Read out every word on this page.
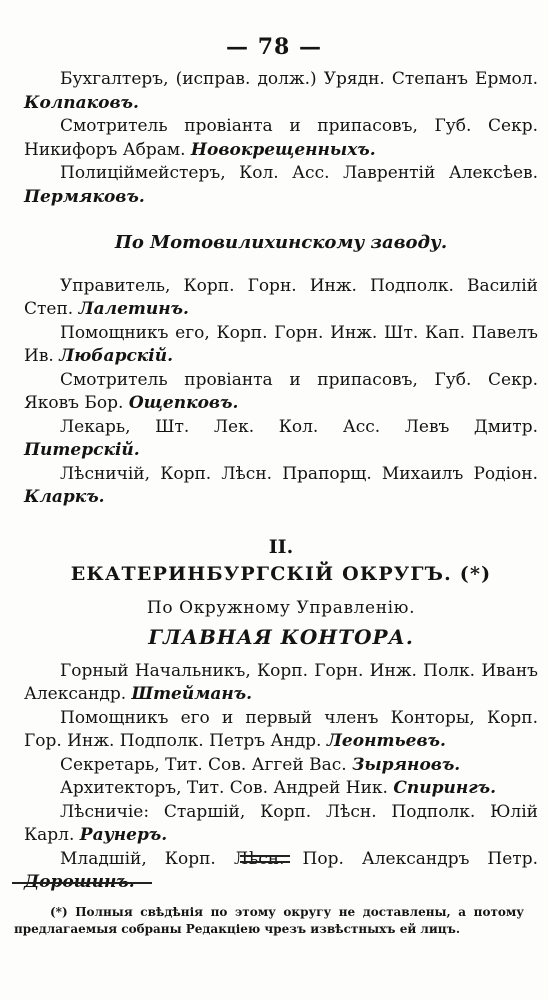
— 78 —

Бухгалтеръ, (исправ. долж.) Урядн. Степанъ Ермол. Колпаковъ.

Смотритель провіанта и припасовъ, Губ. Секр. Никифоръ Абрам. Новокрещенныхъ.

Полиціймейстеръ, Кол. Асс. Лаврентій Алексѣев. Пермяковъ.

По Мотовилихинскому заводу.

Управитель, Корп. Горн. Инж. Подполк. Василій Степ. Лалетинъ.

Помощникъ его, Корп. Горн. Инж. Шт. Кап. Павелъ Ив. Любарскій.

Смотритель провіанта и припасовъ, Губ. Секр. Яковъ Бор. Ощепковъ.

Лекарь, Шт. Лек. Кол. Асс. Левъ Дмитр. Питерскій.

Лѣсничій, Корп. Лѣсн. Прапорщ. Михаилъ Родіон. Кларкъ.

II.
ЕКАТЕРИНБУРГСКІЙ ОКРУГЪ. (*)
По Окружному Управленію.
ГЛАВНАЯ КОНТОРА.

Горный Начальникъ, Корп. Горн. Инж. Полк. Иванъ Александр. Штейманъ.

Помощникъ его и первый членъ Конторы, Корп. Гор. Инж. Подполк. Петръ Андр. Леонтьевъ.

Секретарь, Тит. Сов. Аггей Вас. Зыряновъ.

Архитекторъ, Тит. Сов. Андрей Ник. Спирингъ.

Лѣсничіе: Старшій, Корп. Лѣсн. Подполк. Юлій Карл. Раунеръ.

Младшій, Корп. Лѣсн. Пор. Александръ Петр. Дорошинъ.

(*) Полныя свѣдѣнія по этому округу не доставлены, а потому предлагаемыя собраны Редакціею чрезъ извѣстныхъ ей лицъ.
